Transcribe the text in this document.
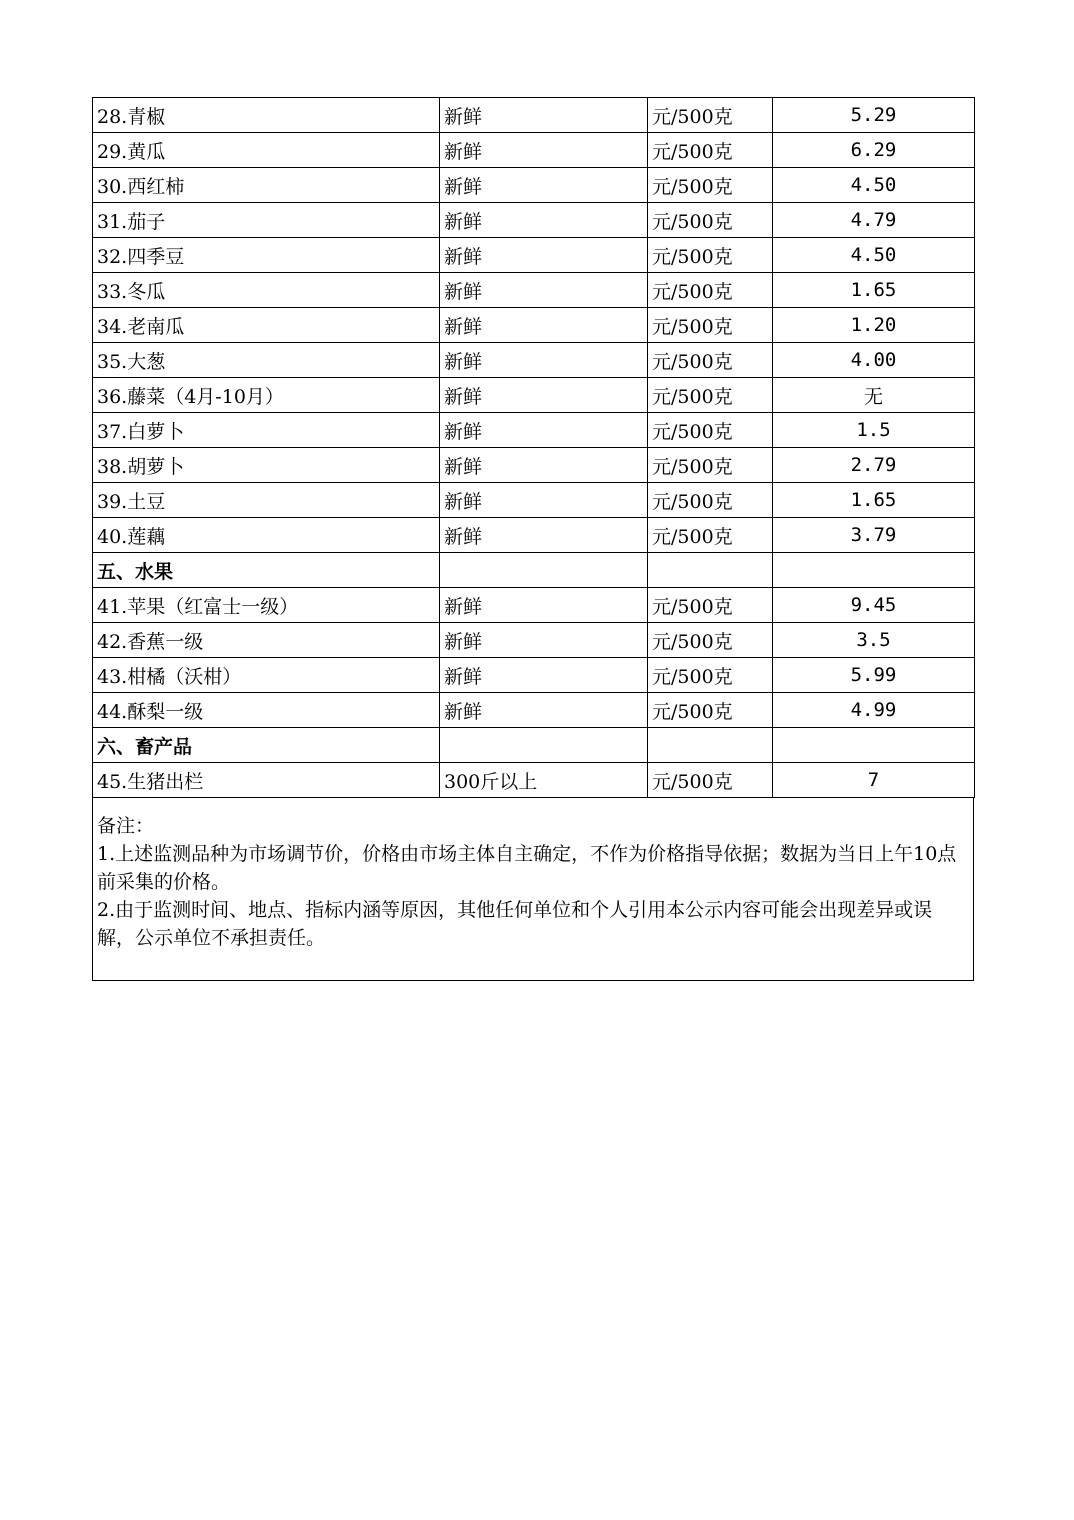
28.青椒	新鲜	元/500克	5.29
29.黄瓜	新鲜	元/500克	6.29
30.西红柿	新鲜	元/500克	4.50
31.茄子	新鲜	元/500克	4.79
32.四季豆	新鲜	元/500克	4.50
33.冬瓜	新鲜	元/500克	1.65
34.老南瓜	新鲜	元/500克	1.20
35.大葱	新鲜	元/500克	4.00
36.藤菜（4月-10月）	新鲜	元/500克	无
37.白萝卜	新鲜	元/500克	1.5
38.胡萝卜	新鲜	元/500克	2.79
39.土豆	新鲜	元/500克	1.65
40.莲藕	新鲜	元/500克	3.79
五、水果			
41.苹果（红富士一级）	新鲜	元/500克	9.45
42.香蕉一级	新鲜	元/500克	3.5
43.柑橘（沃柑）	新鲜	元/500克	5.99
44.酥梨一级	新鲜	元/500克	4.99
六、畜产品			
45.生猪出栏	300斤以上	元/500克	7

备注：

1.上述监测品种为市场调节价，价格由市场主体自主确定，不作为价格指导依据；数据为当日上午10点前采集的价格。

2.由于监测时间、地点、指标内涵等原因，其他任何单位和个人引用本公示内容可能会出现差异或误解，公示单位不承担责任。
